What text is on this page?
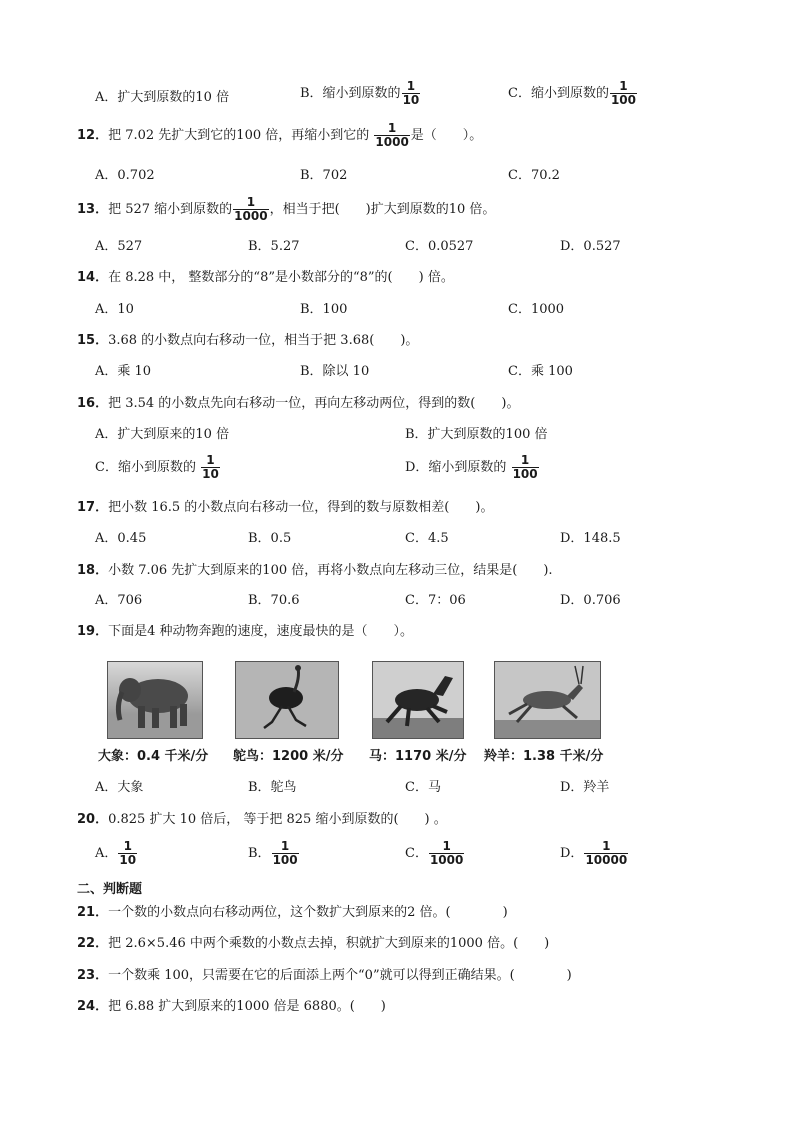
A．扩大到原数的10 倍	B．缩小到原数的 $\frac{1}{10}$	C．缩小到原数的 $\frac{1}{100}$
12．把 7.02 先扩大到它的100 倍，再缩小到它的 $\frac{1}{1000}$ 是（　　）。
A．0.702	B．702	C．70.2
13．把 527 缩小到原数的 $\frac{1}{1000}$ ，相当于把(　　)扩大到原数的10 倍。
A．527	B．5.27	C．0.0527	D．0.527
14．在 8.28 中， 整数部分的“8”是小数部分的“8”的(　　) 倍。
A．10	B．100	C．1000
15．3.68 的小数点向右移动一位，相当于把 3.68(　　)。
A．乘 10	B．除以 10	C．乘 100
16．把 3.54 的小数点先向右移动一位，再向左移动两位，得到的数(　　)。
A．扩大到原来的10 倍	B．扩大到原数的100 倍
C．缩小到原数的 $\frac{1}{10}$	D．缩小到原数的 $\frac{1}{100}$
17．把小数 16.5 的小数点向右移动一位，得到的数与原数相差(　　)。
A．0.45	B．0.5	C．4.5	D．148.5
18．小数 7.06 先扩大到原来的100 倍，再将小数点向左移动三位，结果是(　　).
A．706	B．70.6	C．7：06	D．0.706
19．下面是4 种动物奔跑的速度，速度最快的是（　　）。
大象：0.4 千米/分 鸵鸟：1200 米/分 马：1170 米/分 羚羊：1.38 千米/分
A．大象	B．鸵鸟	C．马	D．羚羊
20．0.825 扩大 10 倍后， 等于把 825 缩小到原数的(　　) 。
A． $\frac{1}{10}$	B． $\frac{1}{100}$	C． $\frac{1}{1000}$	D． $\frac{1}{10000}$
二、判断题
21．一个数的小数点向右移动两位，这个数扩大到原来的2 倍。(　　　　)
22．把 2.6×5.46 中两个乘数的小数点去掉，积就扩大到原来的1000 倍。(　　)
23．一个数乘 100，只需要在它的后面添上两个“0”就可以得到正确结果。(　　　　)
24．把 6.88 扩大到原来的1000 倍是 6880。(　　)
